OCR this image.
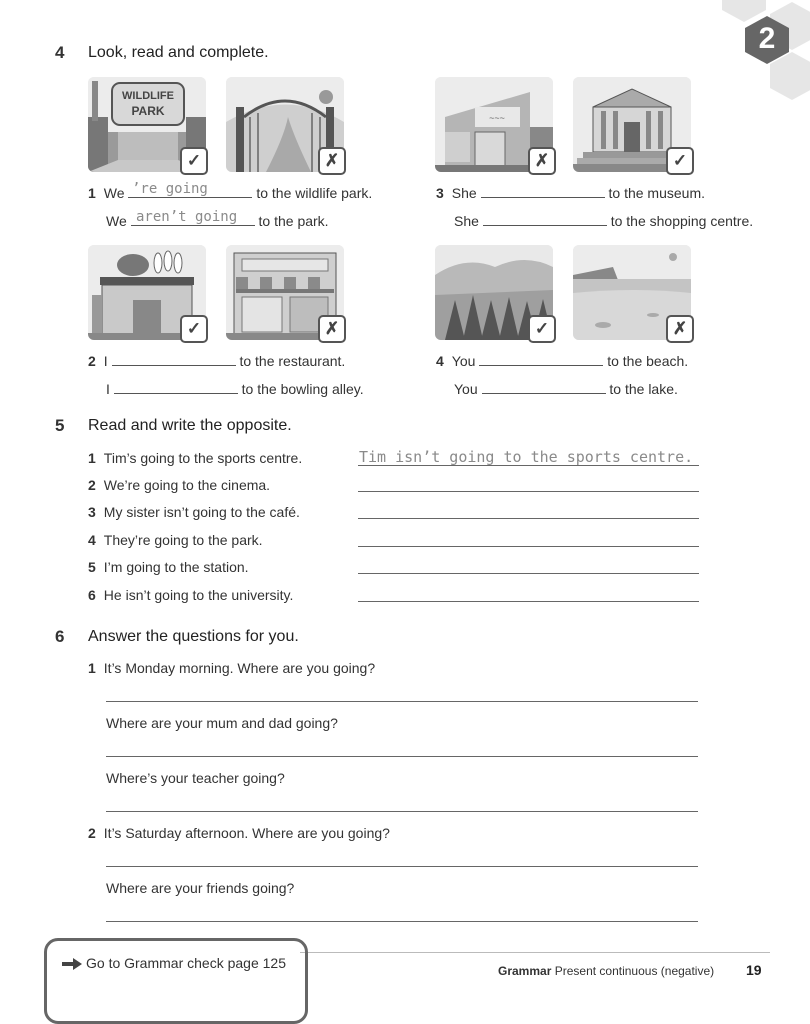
2
4 Look, read and complete.
WILDLIFE
PARK
✓	✗
~~~
✗	✓
1 We	to the wildlife park.
’re going
We	to the park.
aren’t going
3 She	to the museum.
She	to the shopping centre.
✓	✗	✓	✗
2 I	to the restaurant.
I	to the bowling alley.
4 You	to the beach.
You	to the lake.
5 Read and write the opposite.
1 Tim’s going to the sports centre.	Tim isn’t going to the sports centre.
2 We’re going to the cinema.
3 My sister isn’t going to the café.
4 They’re going to the park.
5 I’m going to the station.
6 He isn’t going to the university.
6 Answer the questions for you.
1 It’s Monday morning. Where are you going?
Where are your mum and dad going?
Where’s your teacher going?
2 It’s Saturday afternoon. Where are you going?
Where are your friends going?
Go to Grammar check page 125	Grammar Present continuous (negative) 19
